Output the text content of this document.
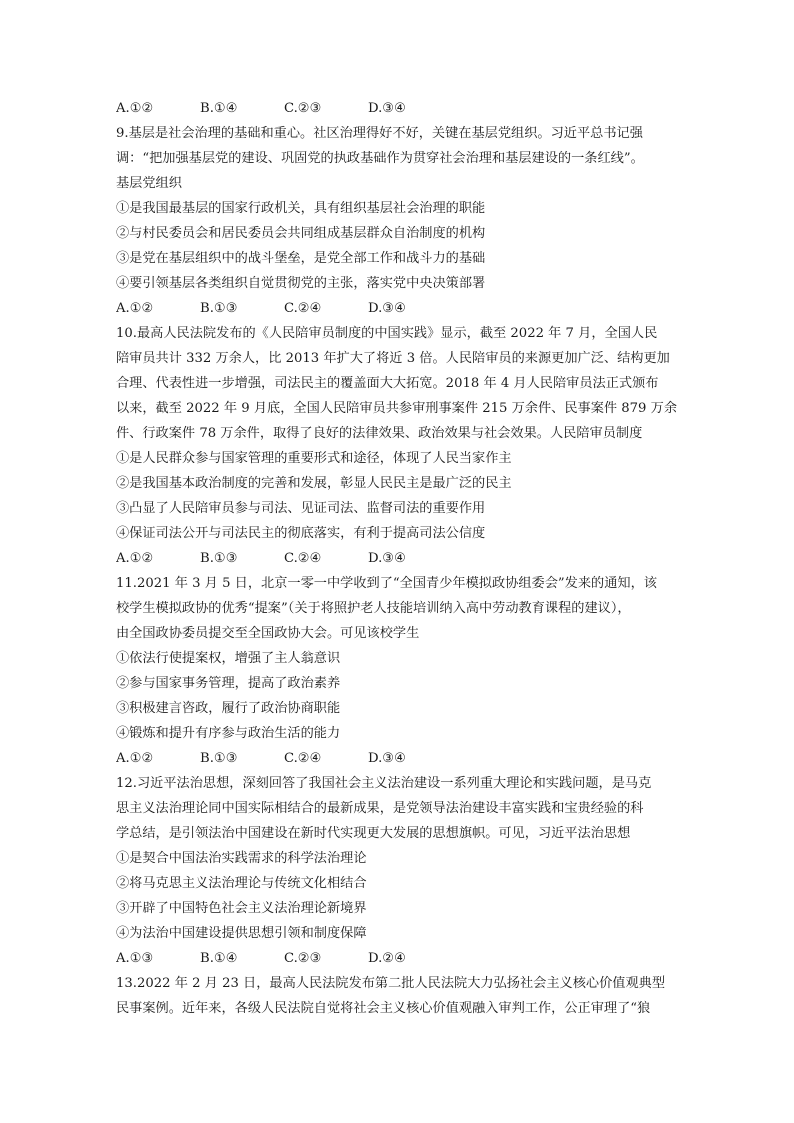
A.①②	B.①④	C.②③	D.③④
9.基层是社会治理的基础和重心。社区治理得好不好，关键在基层党组织。习近平总书记强
调：“把加强基层党的建设、巩固党的执政基础作为贯穿社会治理和基层建设的一条红线”。
基层党组织
①是我国最基层的国家行政机关，具有组织基层社会治理的职能
②与村民委员会和居民委员会共同组成基层群众自治制度的机构
③是党在基层组织中的战斗堡垒，是党全部工作和战斗力的基础
④要引领基层各类组织自觉贯彻党的主张，落实党中央决策部署
A.①②	B.①③	C.②④	D.③④
10.最高人民法院发布的《人民陪审员制度的中国实践》显示，截至 2022 年 7 月，全国人民
陪审员共计 332 万余人，比 2013 年扩大了将近 3 倍。人民陪审员的来源更加广泛、结构更加
合理、代表性进一步增强，司法民主的覆盖面大大拓宽。2018 年 4 月人民陪审员法正式颁布
以来，截至 2022 年 9 月底，全国人民陪审员共参审刑事案件 215 万余件、民事案件 879 万余
件、行政案件 78 万余件，取得了良好的法律效果、政治效果与社会效果。人民陪审员制度
①是人民群众参与国家管理的重要形式和途径，体现了人民当家作主
②是我国基本政治制度的完善和发展，彰显人民民主是最广泛的民主
③凸显了人民陪审员参与司法、见证司法、监督司法的重要作用
④保证司法公开与司法民主的彻底落实，有利于提高司法公信度
A.①②	B.①③	C.②④	D.③④
11.2021 年 3 月 5 日，北京一零一中学收到了“全国青少年模拟政协组委会”发来的通知，该
校学生模拟政协的优秀“提案”（关于将照护老人技能培训纳入高中劳动教育课程的建议），
由全国政协委员提交至全国政协大会。可见该校学生
①依法行使提案权，增强了主人翁意识
②参与国家事务管理，提高了政治素养
③积极建言咨政，履行了政治协商职能
④锻炼和提升有序参与政治生活的能力
A.①②	B.①③	C.②④	D.③④
12.习近平法治思想，深刻回答了我国社会主义法治建设一系列重大理论和实践问题，是马克
思主义法治理论同中国实际相结合的最新成果，是党领导法治建设丰富实践和宝贵经验的科
学总结，是引领法治中国建设在新时代实现更大发展的思想旗帜。可见，习近平法治思想
①是契合中国法治实践需求的科学法治理论
②将马克思主义法治理论与传统文化相结合
③开辟了中国特色社会主义法治理论新境界
④为法治中国建设提供思想引领和制度保障
A.①③	B.①④	C.②③	D.②④
13.2022 年 2 月 23 日，最高人民法院发布第二批人民法院大力弘扬社会主义核心价值观典型
民事案例。近年来，各级人民法院自觉将社会主义核心价值观融入审判工作，公正审理了“狼
